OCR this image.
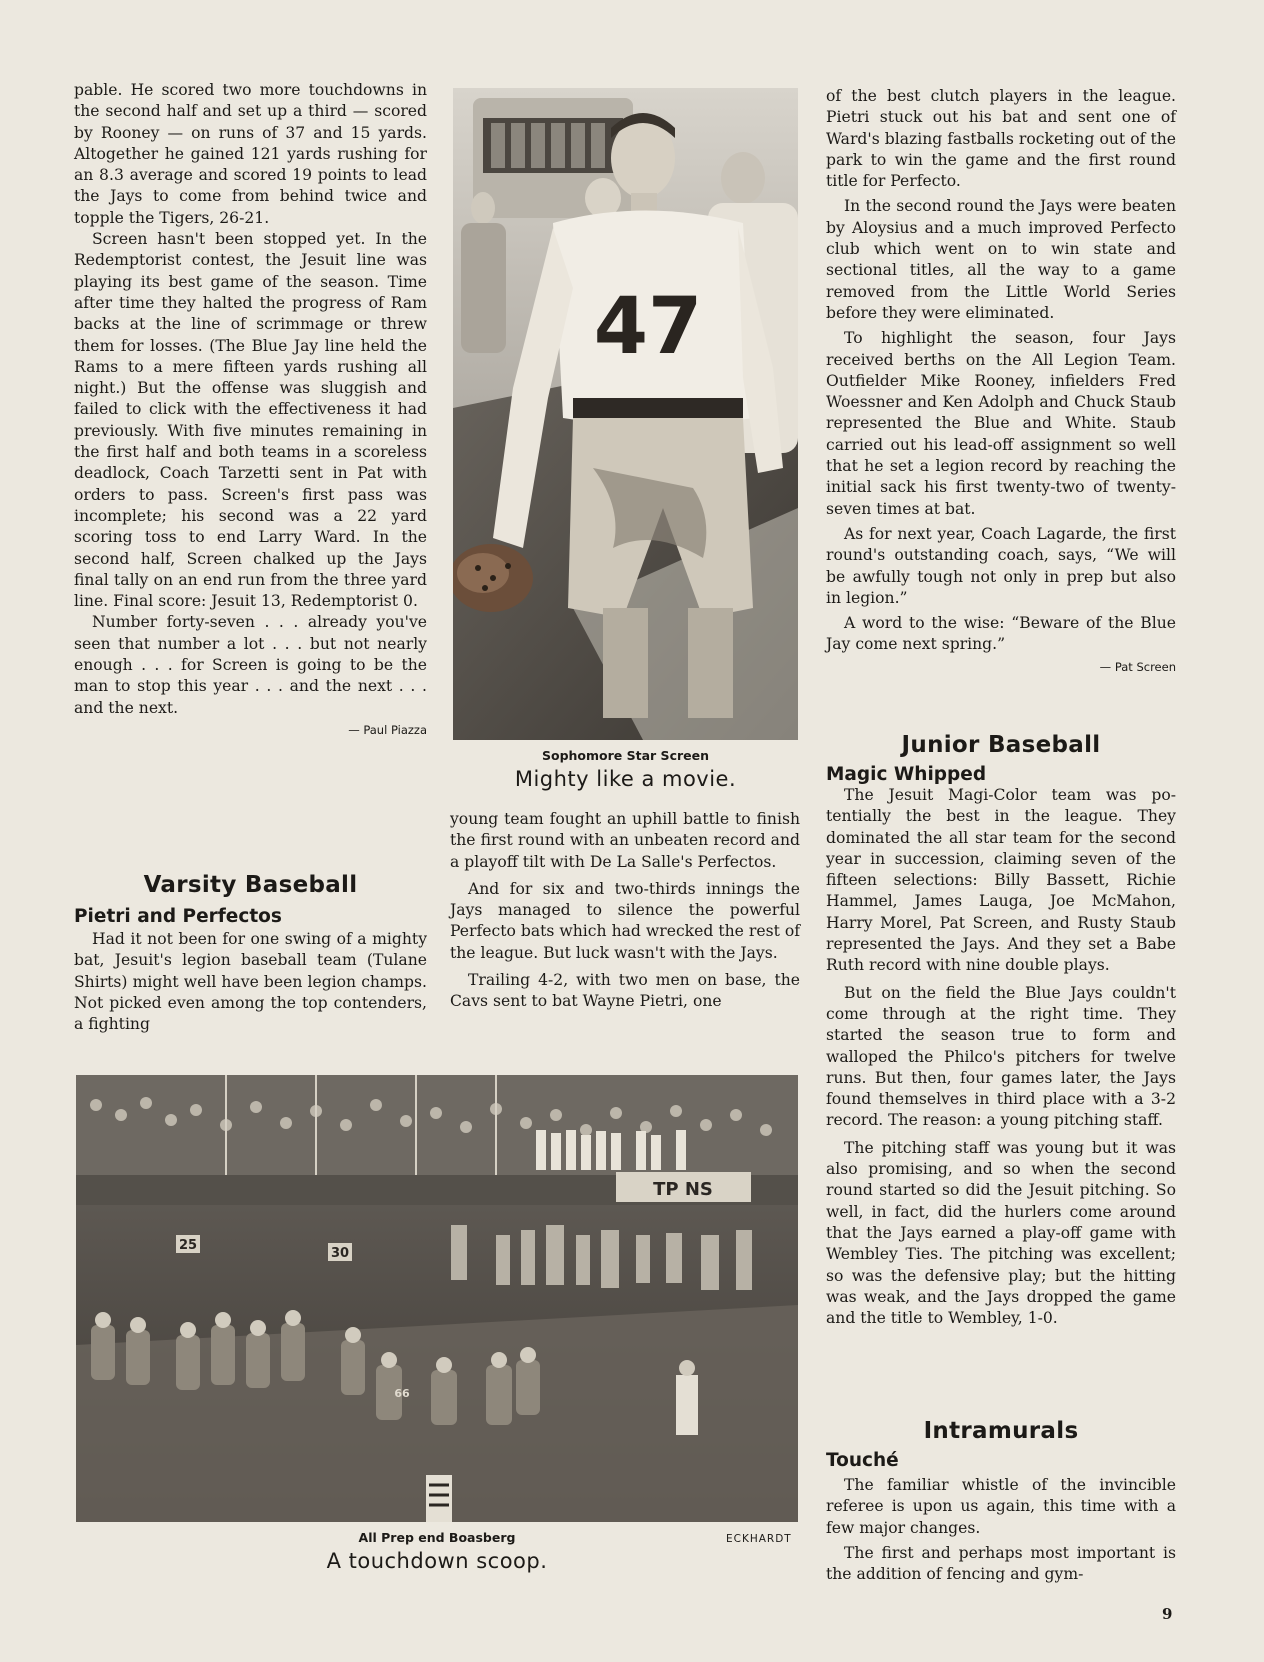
pable. He scored two more touchdowns in the second half and set up a third — scored by Rooney — on runs of 37 and 15 yards. Altogether he gained 121 yards rushing for an 8.3 average and scored 19 points to lead the Jays to come from behind twice and topple the Tigers, 26-21.

Screen hasn't been stopped yet. In the Redemptorist contest, the Jesuit line was playing its best game of the season. Time after time they halted the progress of Ram backs at the line of scrimmage or threw them for losses. (The Blue Jay line held the Rams to a mere fifteen yards rushing all night.) But the offense was sluggish and failed to click with the effectiveness it had previously. With five minutes remaining in the first half and both teams in a scoreless deadlock, Coach Tarzetti sent in Pat with orders to pass. Screen's first pass was incomplete; his second was a 22 yard scoring toss to end Larry Ward. In the second half, Screen chalked up the Jays final tally on an end run from the three yard line. Final score: Jesuit 13, Redemptorist 0.

Number forty-seven . . . already you've seen that number a lot . . . but not nearly enough . . . for Screen is going to be the man to stop this year . . . and the next . . . and the next.

— Paul Piazza

Varsity Baseball
Pietri and Perfectos

Had it not been for one swing of a mighty bat, Jesuit's legion baseball team (Tulane Shirts) might well have been legion champs. Not picked even among the top contenders, a fighting

47

Sophomore Star Screen

Mighty like a movie.

young team fought an uphill battle to finish the first round with an unbeaten record and a playoff tilt with De La Salle's Perfectos.

And for six and two-thirds innings the Jays managed to silence the powerful Perfecto bats which had wrecked the rest of the league. But luck wasn't with the Jays.

Trailing 4-2, with two men on base, the Cavs sent to bat Wayne Pietri, one

of the best clutch players in the league. Pietri stuck out his bat and sent one of Ward's blazing fastballs rocketing out of the park to win the game and the first round title for Perfecto.

In the second round the Jays were beaten by Aloysius and a much improved Perfecto club which went on to win state and sectional titles, all the way to a game removed from the Little World Series before they were eliminated.

To highlight the season, four Jays received berths on the All Legion Team. Outfielder Mike Rooney, infielders Fred Woessner and Ken Adolph and Chuck Staub represented the Blue and White. Staub carried out his lead-off assignment so well that he set a legion record by reaching the initial sack his first twenty-two of twenty-seven times at bat.

As for next year, Coach Lagarde, the first round's outstanding coach, says, “We will be awfully tough not only in prep but also in legion.”

A word to the wise: “Beware of the Blue Jay come next spring.”

— Pat Screen

Junior Baseball
Magic Whipped

The Jesuit Magi-Color team was potentially the best in the league. They dominated the all star team for the second year in succession, claiming seven of the fifteen selections: Billy Bassett, Richie Hammel, James Lauga, Joe McMahon, Harry Morel, Pat Screen, and Rusty Staub represented the Jays. And they set a Babe Ruth record with nine double plays.

But on the field the Blue Jays couldn't come through at the right time. They started the season true to form and walloped the Philco's pitchers for twelve runs. But then, four games later, the Jays found themselves in third place with a 3-2 record. The reason: a young pitching staff.

The pitching staff was young but it was also promising, and so when the second round started so did the Jesuit pitching. So well, in fact, did the hurlers come around that the Jays earned a play-off game with Wembley Ties. The pitching was excellent; so was the defensive play; but the hitting was weak, and the Jays dropped the game and the title to Wembley, 1-0.

Intramurals
Touché

The familiar whistle of the invincible referee is upon us again, this time with a few major changes.

The first and perhaps most important is the addition of fencing and gym-

TP NS
25
30
66

All Prep end Boasberg

A touchdown scoop.

ECKHARDT
9
